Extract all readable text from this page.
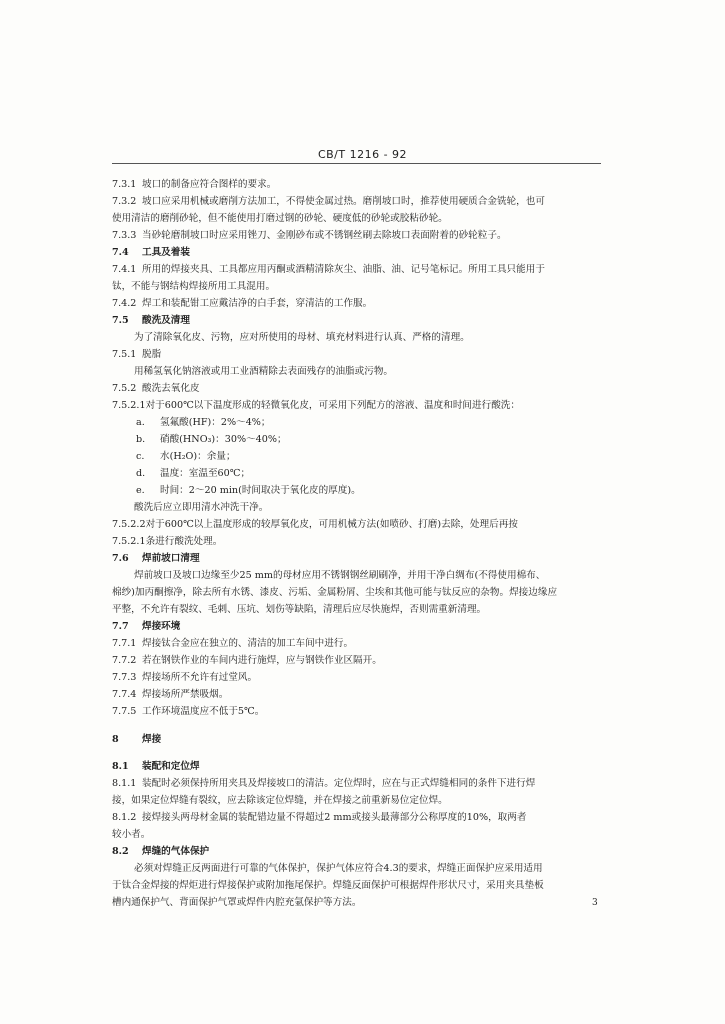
CB/T 1216 - 92
7.3.1 坡口的制备应符合图样的要求。
7.3.2 坡口应采用机械或磨削方法加工，不得使金属过热。磨削坡口时，推荐使用硬质合金铣轮，也可
使用清洁的磨削砂轮，但不能使用打磨过钢的砂轮、硬度低的砂轮或胶粘砂轮。
7.3.3 当砂轮磨制坡口时应采用锉刀、金刚砂布或不锈钢丝刷去除坡口表面附着的砂轮粒子。
7.4 工具及着装
7.4.1 所用的焊接夹具、工具都应用丙酮或酒精清除灰尘、油脂、油、记号笔标记。所用工具只能用于
钛，不能与钢结构焊接所用工具混用。
7.4.2 焊工和装配钳工应戴洁净的白手套，穿清洁的工作服。
7.5 酸洗及清理
为了清除氧化皮、污物，应对所使用的母材、填充材料进行认真、严格的清理。
7.5.1 脱脂
用稀氢氧化钠溶液或用工业酒精除去表面残存的油脂或污物。
7.5.2 酸洗去氧化皮
7.5.2.1对于600℃以下温度形成的轻微氧化皮，可采用下列配方的溶液、温度和时间进行酸洗：
a. 氢氟酸(HF)：2%～4%；
b. 硝酸(HNO₃)：30%～40%；
c. 水(H₂O)：余量；
d. 温度：室温至60℃；
e. 时间：2～20 min(时间取决于氧化皮的厚度)。
酸洗后应立即用清水冲洗干净。
7.5.2.2对于600℃以上温度形成的较厚氧化皮，可用机械方法(如喷砂、打磨)去除，处理后再按
7.5.2.1条进行酸洗处理。
7.6 焊前坡口清理
焊前坡口及坡口边缘至少25 mm的母材应用不锈钢钢丝刷刷净，并用干净白绸布(不得使用棉布、
棉纱)加丙酮擦净，除去所有水锈、漆皮、污垢、金属粉屑、尘埃和其他可能与钛反应的杂物。焊接边缘应
平整，不允许有裂纹、毛刺、压坑、划伤等缺陷，清理后应尽快施焊，否则需重新清理。
7.7 焊接环境
7.7.1 焊接钛合金应在独立的、清洁的加工车间中进行。
7.7.2 若在钢铁作业的车间内进行施焊，应与钢铁作业区隔开。
7.7.3 焊接场所不允许有过堂风。
7.7.4 焊接场所严禁吸烟。
7.7.5 工作环境温度应不低于5℃。
8 焊接
8.1 装配和定位焊
8.1.1 装配时必须保持所用夹具及焊接坡口的清洁。定位焊时，应在与正式焊缝相同的条件下进行焊
接，如果定位焊缝有裂纹，应去除该定位焊缝，并在焊接之前重新易位定位焊。
8.1.2 接焊接头两母材金属的装配错边量不得超过2 mm或接头最薄部分公称厚度的10%，取两者
较小者。
8.2 焊缝的气体保护
必须对焊缝正反两面进行可靠的气体保护，保护气体应符合4.3的要求，焊缝正面保护应采用适用
于钛合金焊接的焊炬进行焊接保护或附加拖尾保护。焊缝反面保护可根据焊件形状尺寸，采用夹具垫板
槽内通保护气、背面保护气罩或焊件内腔充氩保护等方法。	3
